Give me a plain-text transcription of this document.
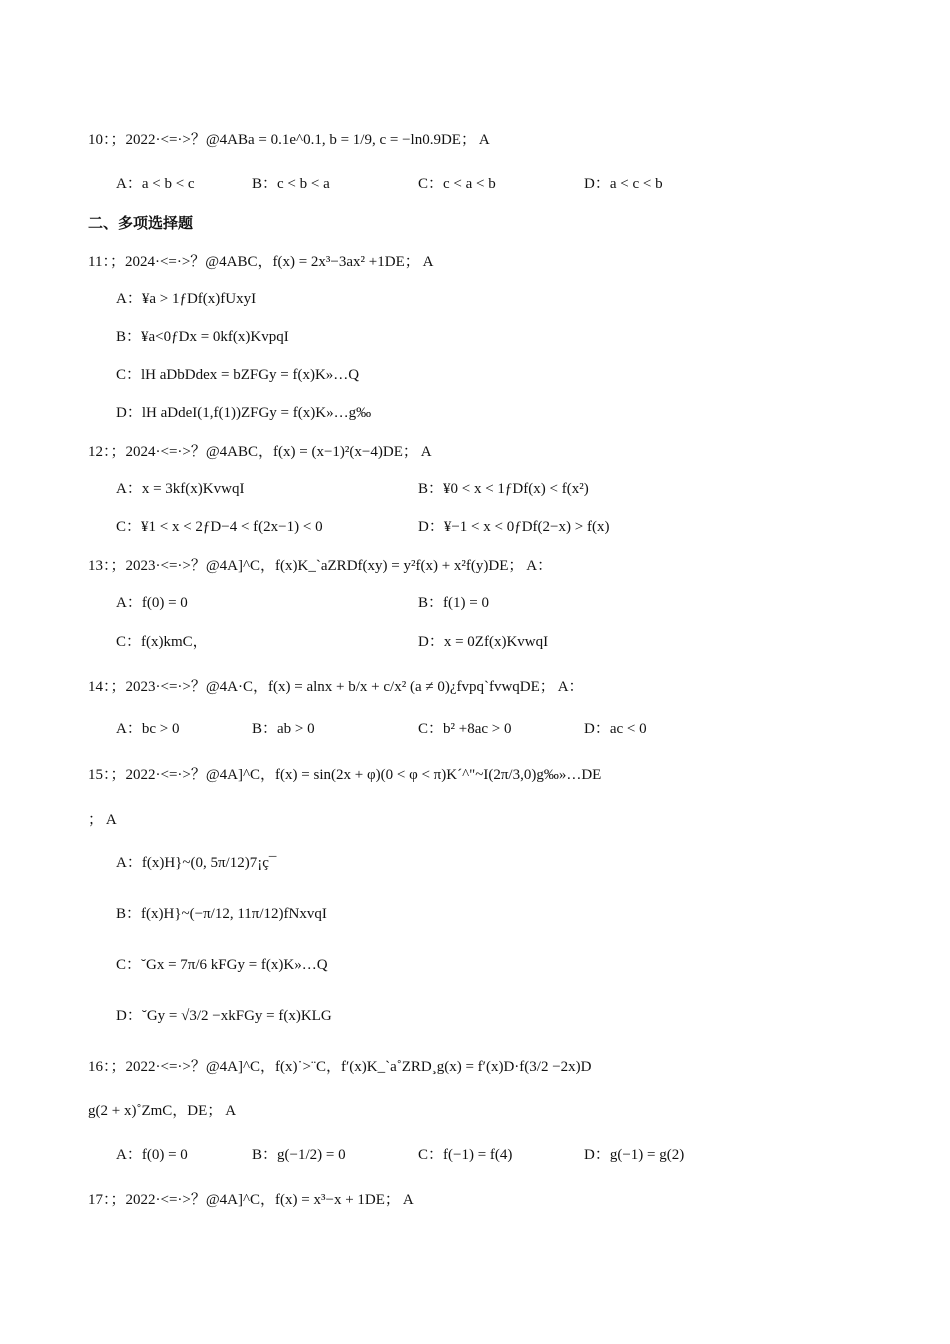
10：；2022·<=·>？@4ABa = 0.1e^0.1, b = 1/9, c = −ln0.9DE； A
A：a < b < c	B：c < b < a	C：c < a < b	D：a < c < b
二、多项选择题
11：；2024·<=·>？@4ABC，f(x) = 2x³−3ax² +1DE； A
A：¥a > 1ƒDf(x)fUxyI
B：¥a<0ƒDx = 0kf(x)KvpqI
C：lH aDbDdex = bZFGy = f(x)K»…Q
D：lH aDdeI(1,f(1))ZFGy = f(x)K»…g‰
12：；2024·<=·>？@4ABC，f(x) = (x−1)²(x−4)DE； A
A：x = 3kf(x)KvwqI	B：¥0 < x < 1ƒDf(x) < f(x²)
C：¥1 < x < 2ƒD−4 < f(2x−1) < 0	D：¥−1 < x < 0ƒDf(2−x) > f(x)
13：；2023·<=·>？@4A]^C，f(x)K_`aZRDf(xy) = y²f(x) + x²f(y)DE； A：
A：f(0) = 0	B：f(1) = 0
C：f(x)kmC，	D：x = 0Zf(x)KvwqI
14：；2023·<=·>？@4A·C，f(x) = alnx + b/x + c/x² (a ≠ 0)¿fvpq`fvwqDE； A：
A：bc > 0	B：ab > 0	C：b² +8ac > 0	D：ac < 0
15：；2022·<=·>？@4A]^C，f(x) = sin(2x + φ)(0 < φ < π)K´^"~I(2π/3,0)g‰»…DE
； A
A：f(x)H}~(0, 5π/12)7¡ç¯
B：f(x)H}~(−π/12, 11π/12)fNxvqI
C：˘Gx = 7π/6 kFGy = f(x)K»…Q
D：˘Gy = √3/2 −xkFGy = f(x)KLG
16：；2022·<=·>？@4A]^C，f(x)˙>¨C，f′(x)K_`a˚ZRD¸g(x) = f′(x)D·f(3/2 −2x)D
g(2 + x)˚ZmC，DE； A
A：f(0) = 0	B：g(−1/2) = 0	C：f(−1) = f(4)	D：g(−1) = g(2)
17：；2022·<=·>？@4A]^C，f(x) = x³−x + 1DE； A
